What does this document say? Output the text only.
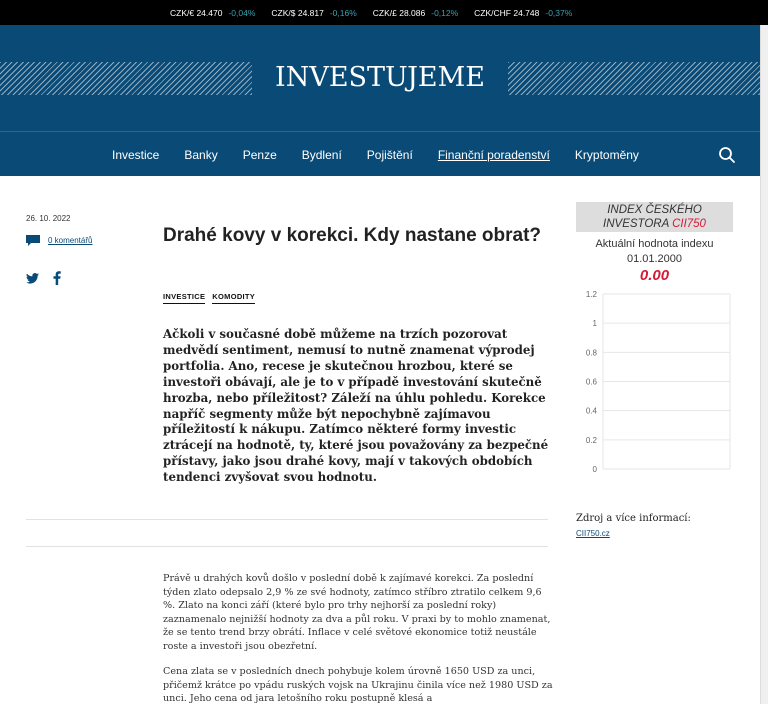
CZK/€ 24.470 -0,04% CZK/$ 24.817 -0,16% CZK/£ 28.086 -0,12% CZK/CHF 24.748 -0,37%
INVESTUJEME
Investice Banky Penze Bydlení Pojištění Finanční poradenství Kryptoměny
26. 10. 2022
0 komentářů	Drahé kovy v korekci. Kdy nastane obrat?
INVESTICE KOMODITY

Ačkoli v současné době můžeme na trzích pozorovat medvědí sentiment, nemusí to nutně znamenat výprodej portfolia. Ano, recese je skutečnou hrozbou, které se investoři obávají, ale je to v případě investování skutečně hrozba, nebo příležitost? Záleží na úhlu pohledu. Korekce napříč segmenty může být nepochybně zajímavou příležitostí k nákupu. Zatímco některé formy investic ztrácejí na hodnotě, ty, které jsou považovány za bezpečné přístavy, jako jsou drahé kovy, mají v takových obdobích tendenci zvyšovat svou hodnotu.

Právě u drahých kovů došlo v poslední době k zajímavé korekci. Za poslední týden zlato odepsalo 2,9 % ze své hodnoty, zatímco stříbro ztratilo celkem 9,6 %. Zlato na konci září (které bylo pro trhy nejhorší za poslední roky) zaznamenalo nejnižší hodnoty za dva a půl roku. V praxi by to mohlo znamenat, že se tento trend brzy obrátí. Inflace v celé světové ekonomice totiž neustále roste a investoři jsou obezřetní.

Cena zlata se v posledních dnech pohybuje kolem úrovně 1650 USD za unci, přičemž krátce po vpádu ruských vojsk na Ukrajinu činila více než 1980 USD za unci. Jeho cena od jara letošního roku postupně klesá a

INDEX ČESKÉHO INVESTORA CII750
Aktuální hodnota indexu
01.01.2000
0.00
1.2
1
0.8
0.6
0.4
0.2
0
Zdroj a více informací:
CII750.cz
